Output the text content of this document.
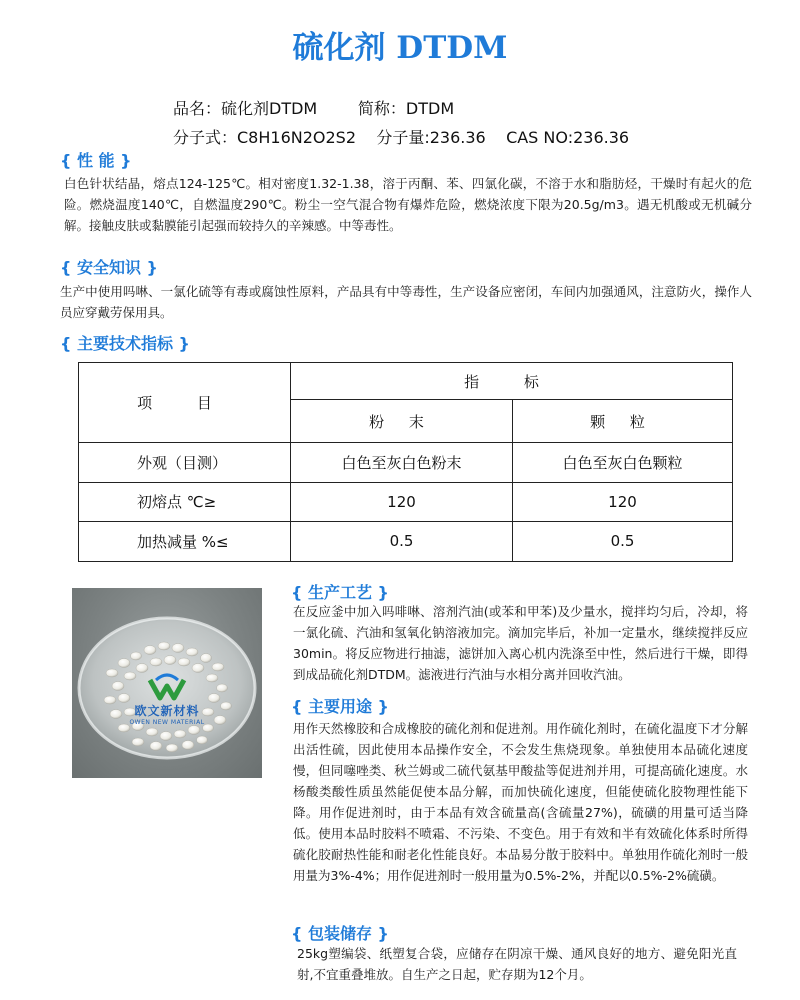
硫化剂 DTDM
品名：硫化剂DTDM        简称：DTDM
分子式：C8H16N2O2S2    分子量:236.36    CAS NO:236.36
{ 性 能 }

白色针状结晶，熔点124-125℃。相对密度1.32-1.38，溶于丙酮、苯、四氯化碳，不溶于水和脂肪烃，干燥时有起火的危险。燃烧温度140℃，自燃温度290℃。粉尘一空气混合物有爆炸危险，燃烧浓度下限为20.5g/m3。遇无机酸或无机碱分解。接触皮肤或黏膜能引起强而较持久的辛辣感。中等毒性。

{ 安全知识 }

生产中使用吗啉、一氯化硫等有毒或腐蚀性原料，产品具有中等毒性，生产设备应密闭，车间内加强通风，注意防火，操作人员应穿戴劳保用具。

{ 主要技术指标 }
项 目	指 标	
	粉 末	颗 粒
外观（目测）	白色至灰白色粉末	白色至灰白色颗粒
初熔点 ℃≥	120	120
加热减量 %≤	0.5	0.5
欧文新材料
OWEN NEW MATERIAL
{ 生产工艺 }

在反应釜中加入吗啡啉、溶剂汽油(或苯和甲苯)及少量水，搅拌均匀后，冷却，将一氯化硫、汽油和氢氧化钠溶液加完。滴加完毕后，补加一定量水，继续搅拌反应30min。将反应物进行抽滤，滤饼加入离心机内洗涤至中性，然后进行干燥，即得到成品硫化剂DTDM。滤液进行汽油与水相分离并回收汽油。

{ 主要用途 }

用作天然橡胶和合成橡胶的硫化剂和促进剂。用作硫化剂时，在硫化温度下才分解出活性硫，因此使用本品操作安全，不会发生焦烧现象。单独使用本品硫化速度慢，但同噻唑类、秋兰姆或二硫代氨基甲酸盐等促进剂并用，可提高硫化速度。水杨酸类酸性质虽然能促使本品分解，而加快硫化速度，但能使硫化胶物理性能下降。用作促进剂时，由于本品有效含硫量高(含硫量27%)，硫磺的用量可适当降低。使用本品时胶料不喷霜、不污染、不变色。用于有效和半有效硫化体系时所得硫化胶耐热性能和耐老化性能良好。本品易分散于胶料中。单独用作硫化剂时一般用量为3%-4%；用作促进剂时一般用量为0.5%-2%，并配以0.5%-2%硫磺。

{ 包装储存 }

25kg塑编袋、纸塑复合袋，应储存在阴凉干燥、通风良好的地方、避免阳光直射,不宜重叠堆放。自生产之日起，贮存期为12个月。
